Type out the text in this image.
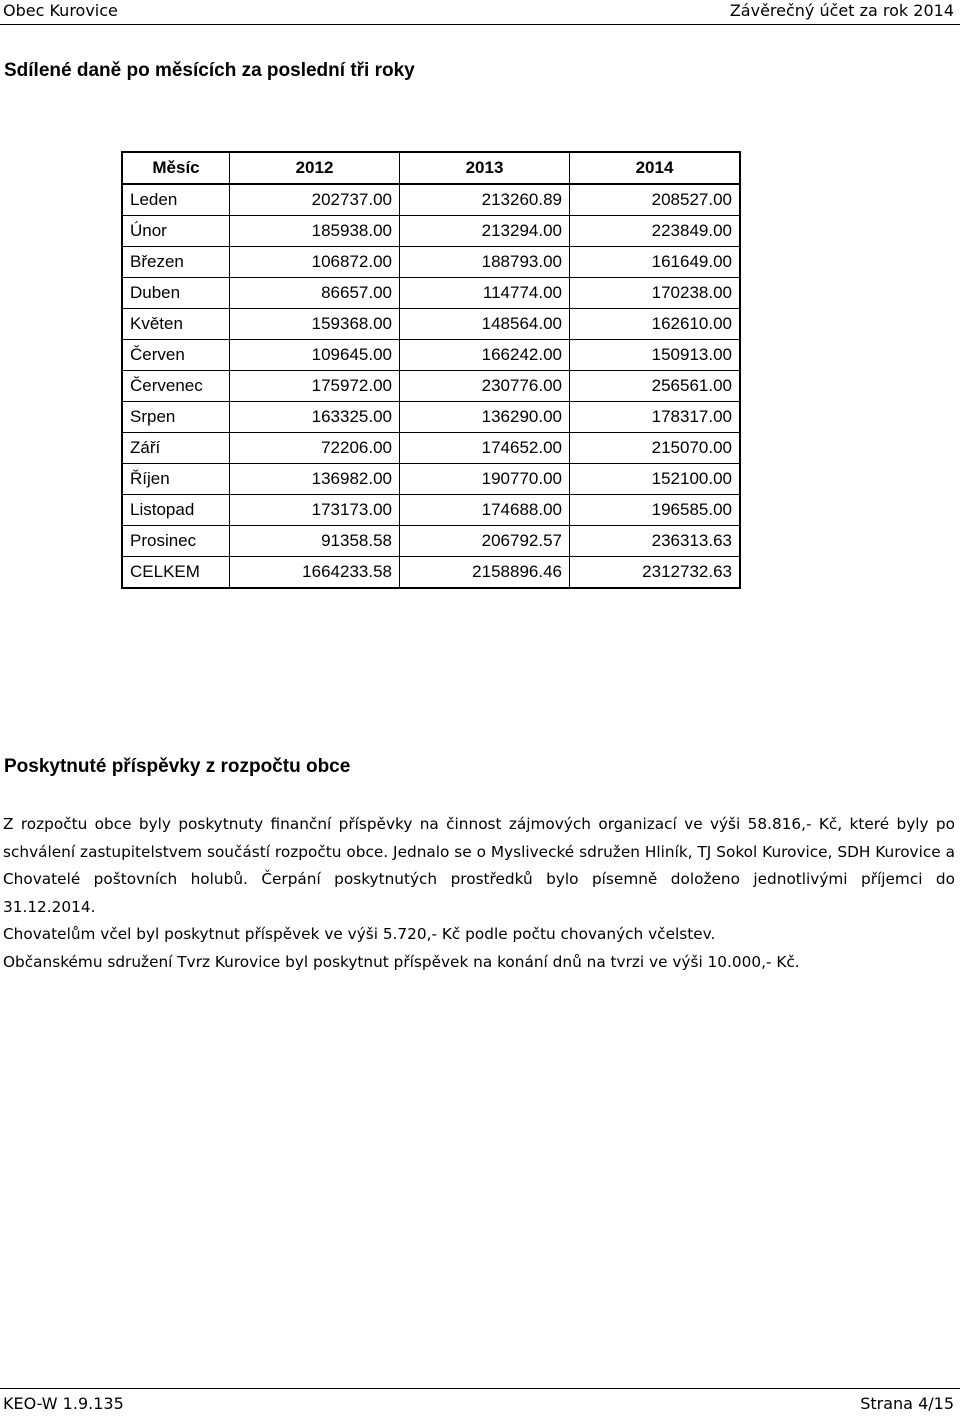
Obec Kurovice	Závěrečný účet za rok 2014
Sdílené daně po měsících za poslední tři roky
Měsíc	2012	2013	2014
Leden	202737.00	213260.89	208527.00
Únor	185938.00	213294.00	223849.00
Březen	106872.00	188793.00	161649.00
Duben	86657.00	114774.00	170238.00
Květen	159368.00	148564.00	162610.00
Červen	109645.00	166242.00	150913.00
Červenec	175972.00	230776.00	256561.00
Srpen	163325.00	136290.00	178317.00
Září	72206.00	174652.00	215070.00
Říjen	136982.00	190770.00	152100.00
Listopad	173173.00	174688.00	196585.00
Prosinec	91358.58	206792.57	236313.63
CELKEM	1664233.58	2158896.46	2312732.63
Poskytnuté příspěvky z rozpočtu obce

Z rozpočtu obce byly poskytnuty finanční příspěvky na činnost zájmových organizací ve výši 58.816,- Kč, které byly po schválení zastupitelstvem součástí rozpočtu obce. Jednalo se o Myslivecké sdružen Hliník, TJ Sokol Kurovice, SDH Kurovice a Chovatelé poštovních holubů. Čerpání poskytnutých prostředků bylo písemně doloženo jednotlivými příjemci do 31.12.2014.

Chovatelům včel byl poskytnut příspěvek ve výši 5.720,- Kč podle počtu chovaných včelstev.

Občanskému sdružení Tvrz Kurovice byl poskytnut příspěvek na konání dnů na tvrzi ve výši 10.000,- Kč.

KEO-W 1.9.135	Strana 4/15
